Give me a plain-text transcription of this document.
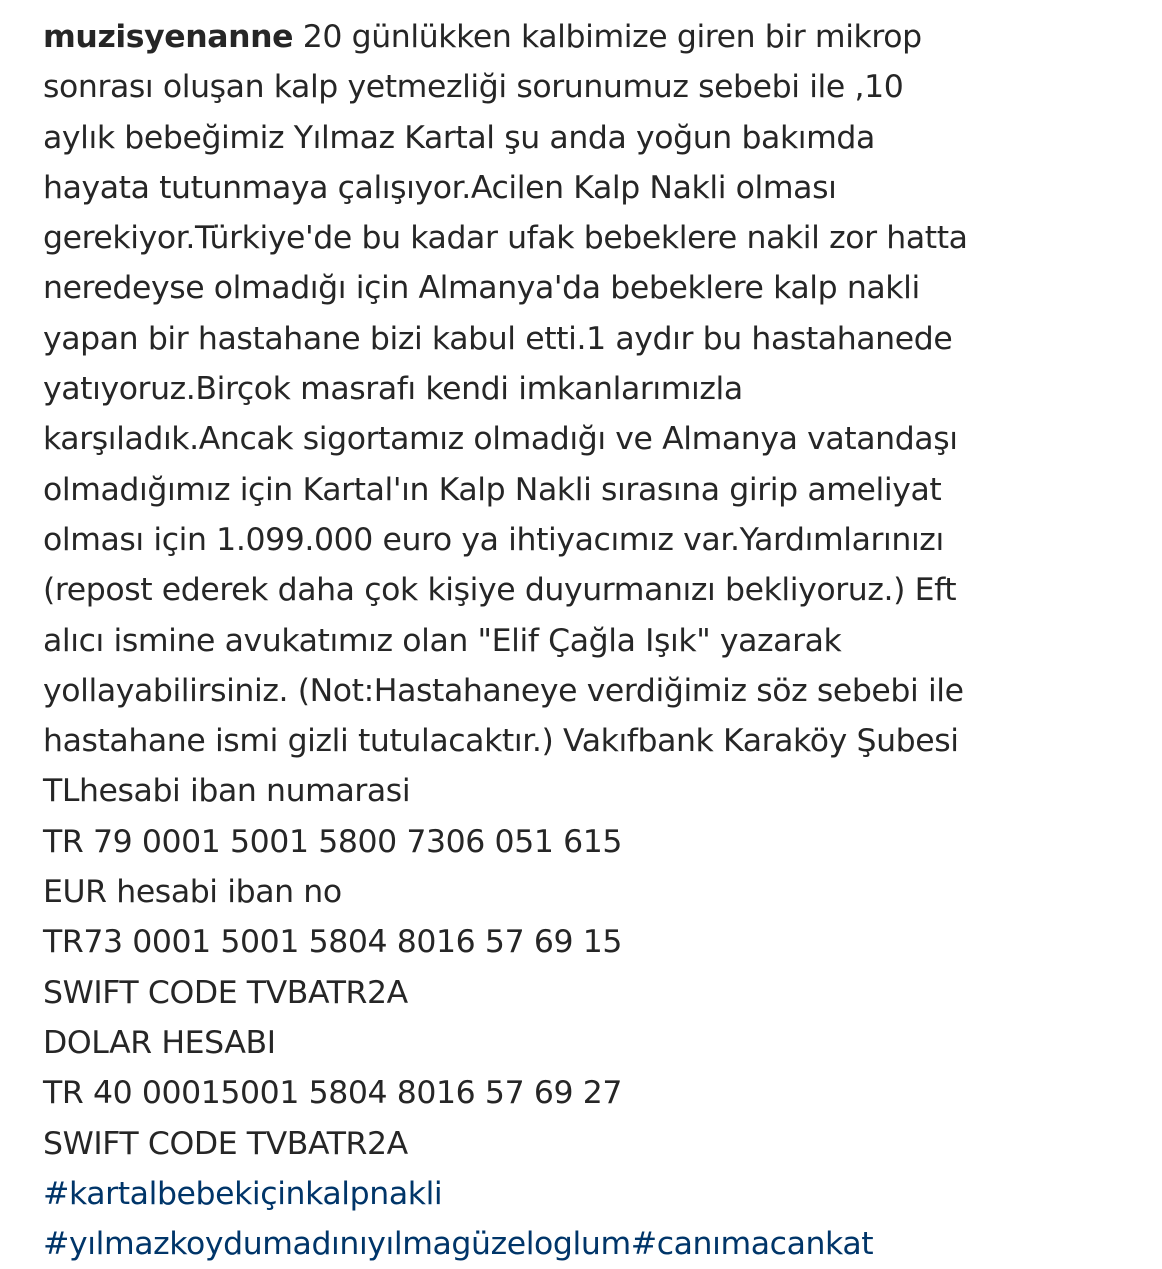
muzisyenanne 20 günlükken kalbimize giren bir mikrop
sonrası oluşan kalp yetmezliği sorunumuz sebebi ile ,10
aylık bebeğimiz Yılmaz Kartal şu anda yoğun bakımda
hayata tutunmaya çalışıyor.Acilen Kalp Nakli olması
gerekiyor.Türkiye'de bu kadar ufak bebeklere nakil zor hatta
neredeyse olmadığı için Almanya'da bebeklere kalp nakli
yapan bir hastahane bizi kabul etti.1 aydır bu hastahanede
yatıyoruz.Birçok masrafı kendi imkanlarımızla
karşıladık.Ancak sigortamız olmadığı ve Almanya vatandaşı
olmadığımız için Kartal'ın Kalp Nakli sırasına girip ameliyat
olması için 1.099.000 euro ya ihtiyacımız var.Yardımlarınızı
(repost ederek daha çok kişiye duyurmanızı bekliyoruz.) Eft
alıcı ismine avukatımız olan "Elif Çağla Işık" yazarak
yollayabilirsiniz. (Not:Hastahaneye verdiğimiz söz sebebi ile
hastahane ismi gizli tutulacaktır.) Vakıfbank Karaköy Şubesi
TLhesabi iban numarasi
TR 79 0001 5001 5800 7306 051 615
EUR hesabi iban no
TR73 0001 5001 5804 8016 57 69 15
SWIFT CODE TVBATR2A
DOLAR HESABI
TR 40 00015001 5804 8016 57 69 27
SWIFT CODE TVBATR2A
#kartalbebekiçinkalpnakli
#yılmazkoydumadınıyılmagüzeloglum#canımacankat
